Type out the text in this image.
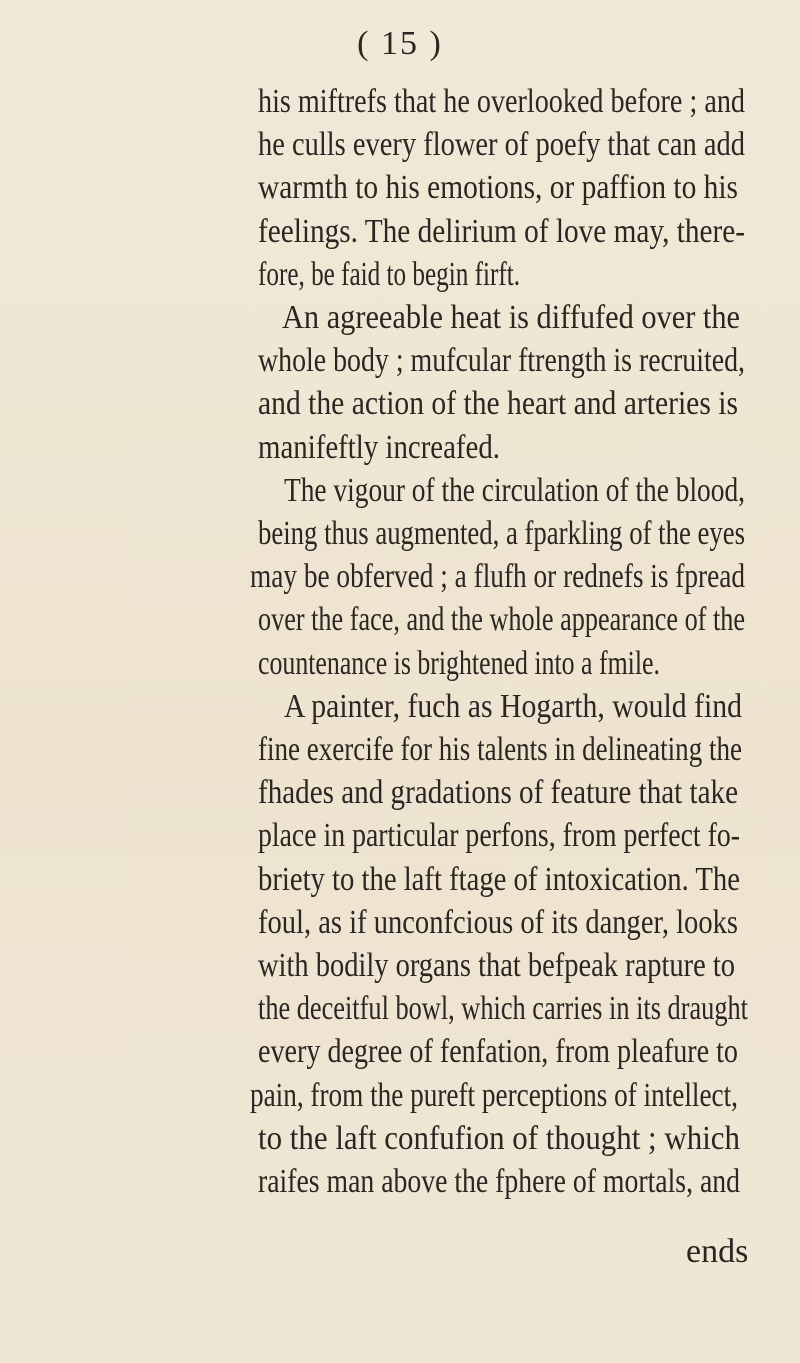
( 15 )
his miftrefs that he overlooked before ; and
he culls every flower of poefy that can add
warmth to his emotions, or paffion to his
feelings. The delirium of love may, there-
fore, be faid to begin firft.
An agreeable heat is diffufed over the
whole body ; mufcular ftrength is recruited,
and the action of the heart and arteries is
manifeftly increafed.
The vigour of the circulation of the blood,
being thus augmented, a fparkling of the eyes
may be obferved ; a flufh or rednefs is fpread
over the face, and the whole appearance of the
countenance is brightened into a fmile.
A painter, fuch as Hogarth, would find
fine exercife for his talents in delineating the
fhades and gradations of feature that take
place in particular perfons, from perfect fo-
briety to the laft ftage of intoxication. The
foul, as if unconfcious of its danger, looks
with bodily organs that befpeak rapture to
the deceitful bowl, which carries in its draught
every degree of fenfation, from pleafure to
pain, from the pureft perceptions of intellect,
to the laft confufion of thought ; which
raifes man above the fphere of mortals, and
ends
